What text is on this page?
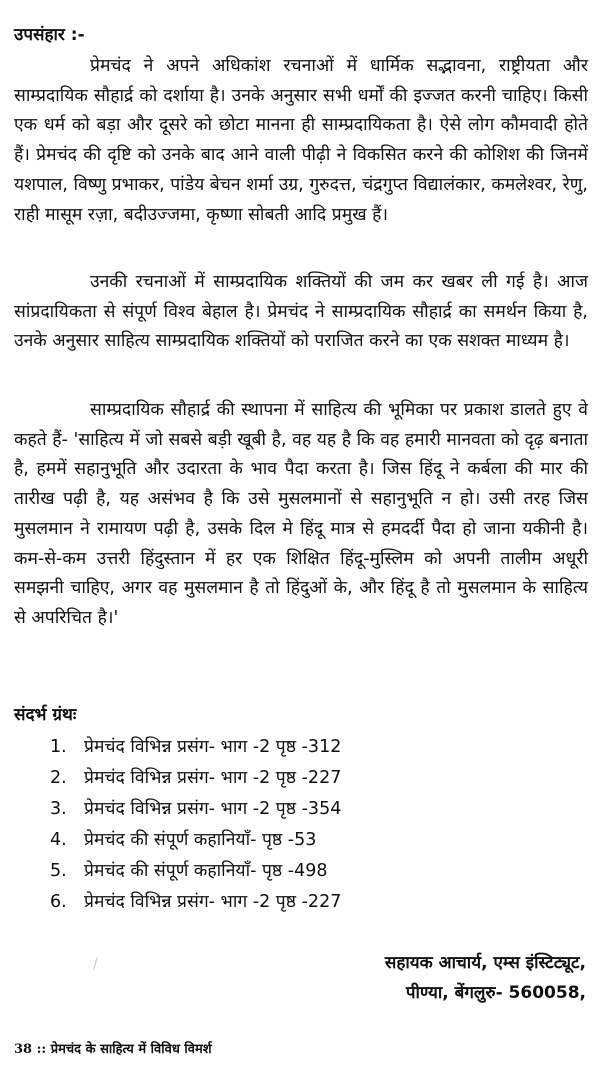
उपसंहार :-

प्रेमचंद ने अपने अधिकांश रचनाओं में धार्मिक सद्भावना, राष्ट्रीयता और साम्प्रदायिक सौहार्द्र को दर्शाया है। उनके अनुसार सभी धर्मों की इज्जत करनी चाहिए। किसी एक धर्म को बड़ा और दूसरे को छोटा मानना ही साम्प्रदायिकता है। ऐसे लोग कौमवादी होते हैं। प्रेमचंद की दृष्टि को उनके बाद आने वाली पीढ़ी ने विकसित करने की कोशिश की जिनमें यशपाल, विष्णु प्रभाकर, पांडेय बेचन शर्मा उग्र, गुरुदत्त, चंद्रगुप्त विद्यालंकार, कमलेश्वर, रेणु, राही मासूम रज़ा, बदीउज्जमा, कृष्णा सोबती आदि प्रमुख हैं।

उनकी रचनाओं में साम्प्रदायिक शक्तियों की जम कर खबर ली गई है। आज सांप्रदायिकता से संपूर्ण विश्व बेहाल है। प्रेमचंद ने साम्प्रदायिक सौहार्द्र का समर्थन किया है, उनके अनुसार साहित्य साम्प्रदायिक शक्तियों को पराजित करने का एक सशक्त माध्यम है।

साम्प्रदायिक सौहार्द्र की स्थापना में साहित्य की भूमिका पर प्रकाश डालते हुए वे कहते हैं- 'साहित्य में जो सबसे बड़ी खूबी है, वह यह है कि वह हमारी मानवता को दृढ़ बनाता है, हममें सहानुभूति और उदारता के भाव पैदा करता है। जिस हिंदू ने कर्बला की मार की तारीख पढ़ी है, यह असंभव है कि उसे मुसलमानों से सहानुभूति न हो। उसी तरह जिस मुसलमान ने रामायण पढ़ी है, उसके दिल मे हिंदू मात्र से हमदर्दी पैदा हो जाना यकीनी है। कम-से-कम उत्तरी हिंदुस्तान में हर एक शिक्षित हिंदू-मुस्लिम को अपनी तालीम अधूरी समझनी चाहिए, अगर वह मुसलमान है तो हिंदुओं के, और हिंदू है तो मुसलमान के साहित्य से अपरिचित है।'

संदर्भ ग्रंथः
1. प्रेमचंद विभिन्न प्रसंग- भाग -2 पृष्ठ -312
2. प्रेमचंद विभिन्न प्रसंग- भाग -2 पृष्ठ -227
3. प्रेमचंद विभिन्न प्रसंग- भाग -2 पृष्ठ -354
4. प्रेमचंद की संपूर्ण कहानियाँ- पृष्ठ -53
5. प्रेमचंद की संपूर्ण कहानियाँ- पृष्ठ -498
6. प्रेमचंद विभिन्न प्रसंग- भाग -2 पृष्ठ -227
/	सहायक आचार्य, एम्स इंस्टिट्यूट,
पीण्या, बेंगलुरु- 560058,
38 :: प्रेमचंद के साहित्य में विविध विमर्श
